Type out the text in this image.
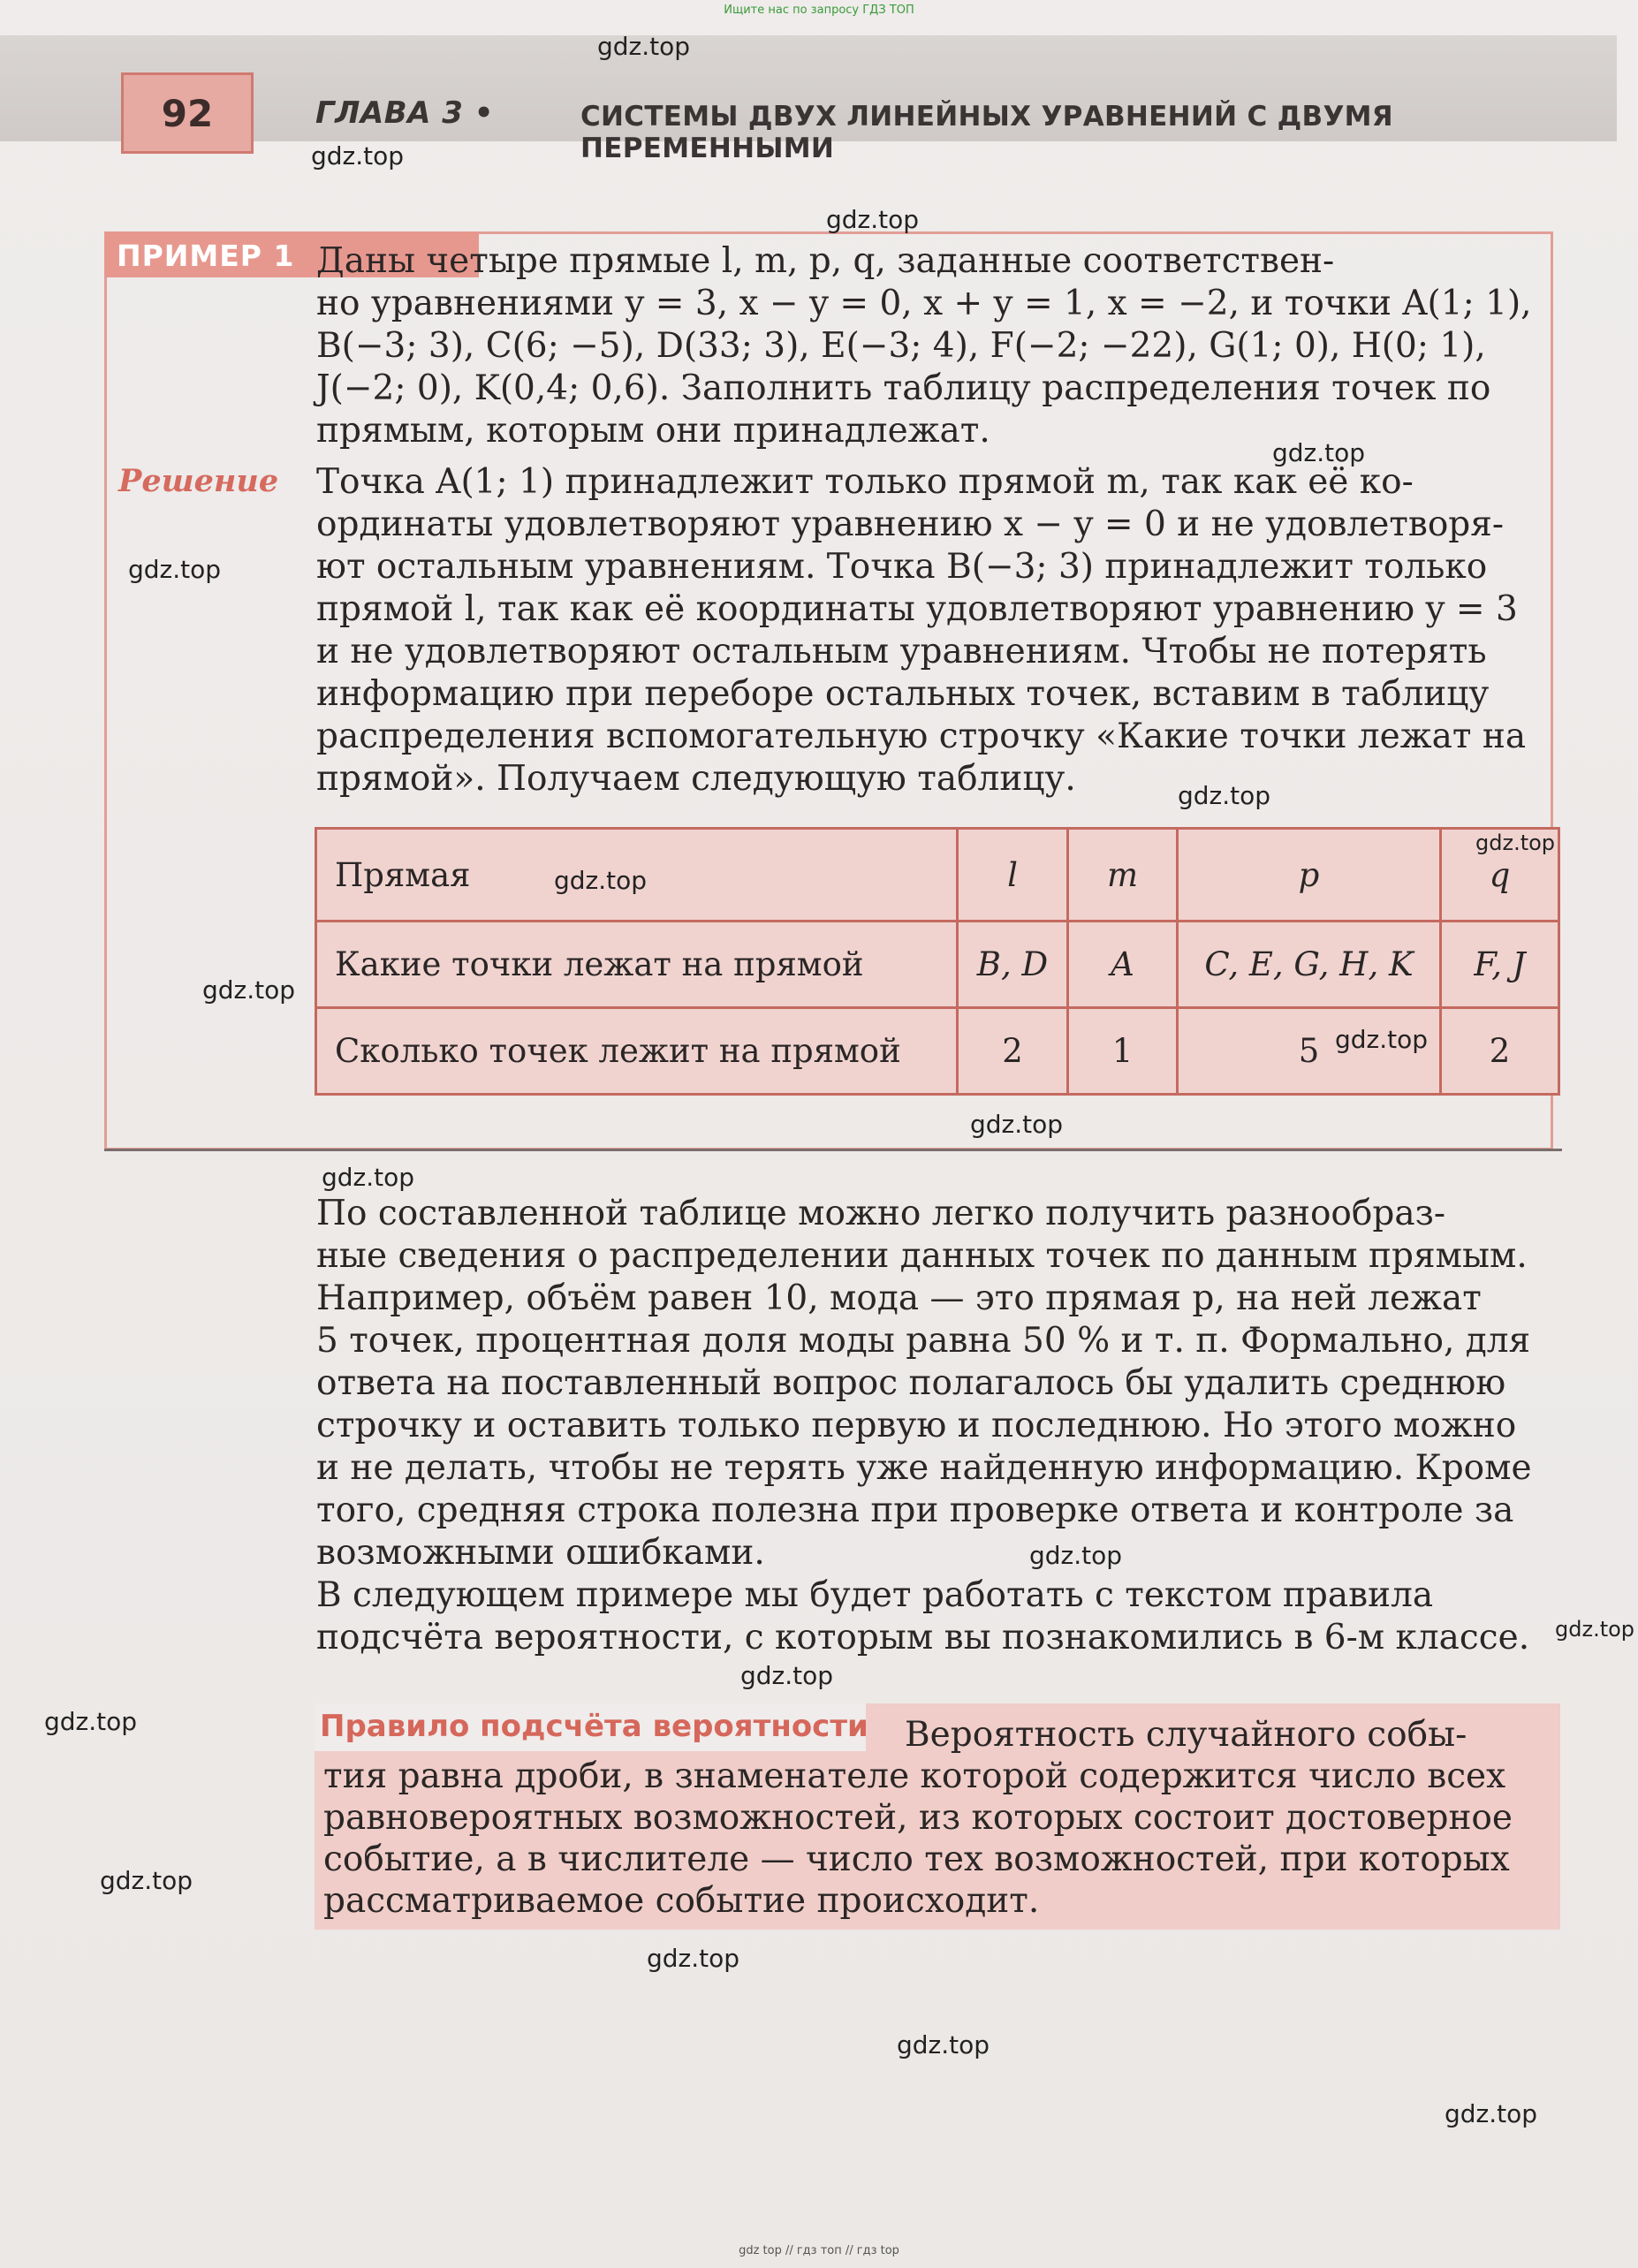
Ищите нас по запросу ГДЗ ТОП
92	ГЛАВА 3 •	СИСТЕМЫ ДВУХ ЛИНЕЙНЫХ УРАВНЕНИЙ С ДВУМЯ ПЕРЕМЕННЫМИ
ПРИМЕР 1 Даны четыре прямые l, m, p, q, заданные соответствен-
но уравнениями y = 3, x − y = 0, x + y = 1, x = −2, и точки A(1; 1),
B(−3; 3), C(6; −5), D(33; 3), E(−3; 4), F(−2; −22), G(1; 0), H(0; 1),
J(−2; 0), K(0,4; 0,6). Заполнить таблицу распределения точек по
прямым, которым они принадлежат.
Решение Точка A(1; 1) принадлежит только прямой m, так как её ко-
ординаты удовлетворяют уравнению x − y = 0 и не удовлетворя-
ют остальным уравнениям. Точка B(−3; 3) принадлежит только
прямой l, так как её координаты удовлетворяют уравнению y = 3
и не удовлетворяют остальным уравнениям. Чтобы не потерять
информацию при переборе остальных точек, вставим в таблицу
распределения вспомогательную строчку «Какие точки лежат на
прямой». Получаем следующую таблицу.
Прямая	l	m	p	q
Какие точки лежат на прямой	B, D	A	C, E, G, H, K	F, J
Сколько точек лежит на прямой	2	1	5	2
По составленной таблице можно легко получить разнообраз-
ные сведения о распределении данных точек по данным прямым.
Например, объём равен 10, мода — это прямая p, на ней лежат
5 точек, процентная доля моды равна 50 % и т. п. Формально, для
ответа на поставленный вопрос полагалось бы удалить среднюю
строчку и оставить только первую и последнюю. Но этого можно
и не делать, чтобы не терять уже найденную информацию. Кроме
того, средняя строка полезна при проверке ответа и контроле за
возможными ошибками.
В следующем примере мы будет работать с текстом правила
подсчёта вероятности, с которым вы познакомились в 6-м классе.
Правило подсчёта вероятности	Вероятность случайного собы-
тия равна дроби, в знаменателе которой содержится число всех
равновероятных возможностей, из которых состоит достоверное
событие, а в числителе — число тех возможностей, при которых
рассматриваемое событие происходит.
gdz.top
gdz.top
gdz.top
gdz.top
gdz.top
gdz.top
gdz.top
gdz.top
gdz.top
gdz.top
gdz.top
gdz.top
gdz.top
gdz.top
gdz.top
gdz.top
gdz.top
gdz.top
gdz.top
gdz.top
gdz top // гдз топ // гдз top
